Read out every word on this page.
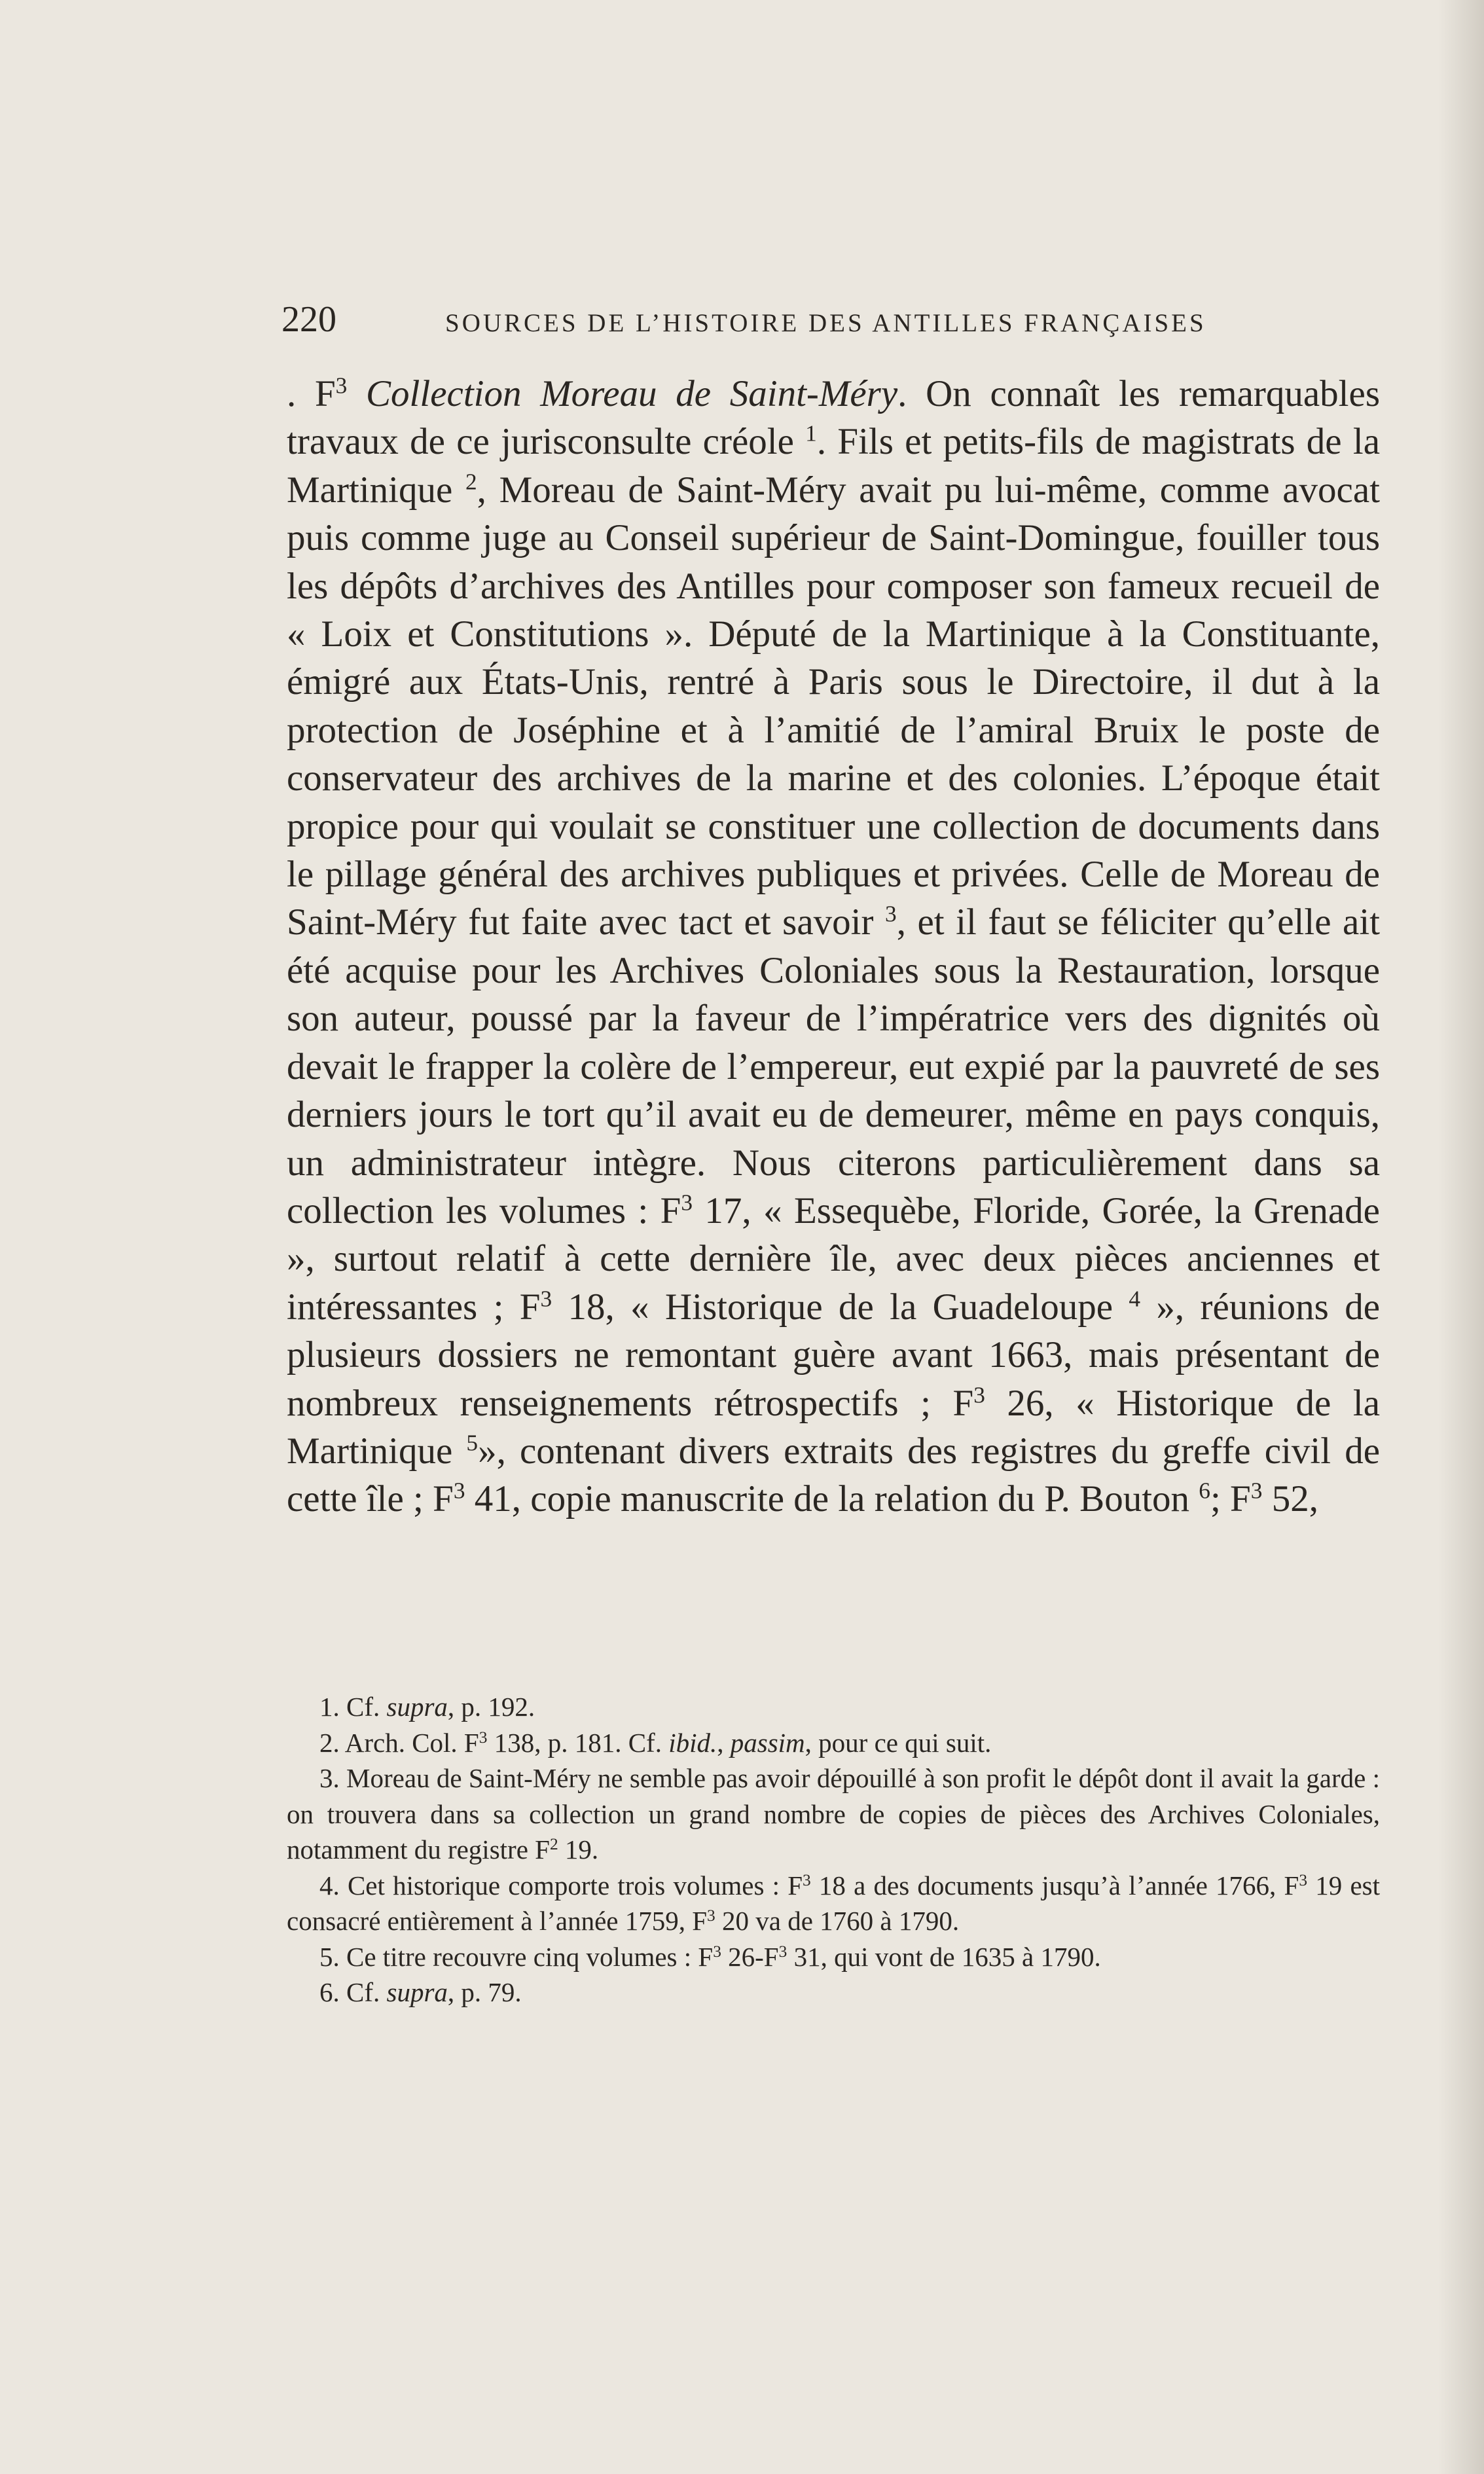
220	SOURCES DE L’HISTOIRE DES ANTILLES FRANÇAISES

. $F^3$ Collection Moreau de Saint-Méry. On connaît les remarquables travaux de ce jurisconsulte créole $^1$. Fils et petits-fils de magistrats de la Martinique $^2$, Moreau de Saint-Méry avait pu lui-même, comme avocat puis comme juge au Conseil supérieur de Saint-Domingue, fouiller tous les dépôts d’archives des Antilles pour composer son fameux recueil de « Loix et Constitutions ». Député de la Martinique à la Constituante, émigré aux États-Unis, rentré à Paris sous le Directoire, il dut à la protection de Joséphine et à l’amitié de l’amiral Bruix le poste de conservateur des archives de la marine et des colonies. L’époque était propice pour qui voulait se constituer une collection de documents dans le pillage général des archives publiques et privées. Celle de Moreau de Saint-Méry fut faite avec tact et savoir $^3$, et il faut se féliciter qu’elle ait été acquise pour les Archives Coloniales sous la Restauration, lorsque son auteur, poussé par la faveur de l’impératrice vers des dignités où devait le frapper la colère de l’empereur, eut expié par la pauvreté de ses derniers jours le tort qu’il avait eu de demeurer, même en pays conquis, un administrateur intègre. Nous citerons particulièrement dans sa collection les volumes : $F^3$ 17, « Essequèbe, Floride, Gorée, la Grenade », surtout relatif à cette dernière île, avec deux pièces anciennes et intéressantes ; $F^3$ 18, « Historique de la Guadeloupe $^4$ », réunions de plusieurs dossiers ne remontant guère avant 1663, mais présentant de nombreux renseignements rétrospectifs ; $F^3$ 26, « Historique de la Martinique $^5$», contenant divers extraits des registres du greffe civil de cette île ; $F^3$ 41, copie manuscrite de la relation du P. Bouton $^6$; $F^3$ 52,

1. Cf. supra, p. 192.

2. Arch. Col. $F^3$ 138, p. 181. Cf. ibid., passim, pour ce qui suit.

3. Moreau de Saint-Méry ne semble pas avoir dépouillé à son profit le dépôt dont il avait la garde : on trouvera dans sa collection un grand nombre de copies de pièces des Archives Coloniales, notamment du registre $F^2$ 19.

4. Cet historique comporte trois volumes : $F^3$ 18 a des documents jusqu’à l’année 1766, $F^3$ 19 est consacré entièrement à l’année 1759, $F^3$ 20 va de 1760 à 1790.

5. Ce titre recouvre cinq volumes : $F^3$ $26-F^3$ 31, qui vont de 1635 à 1790.

6. Cf. supra, p. 79.
